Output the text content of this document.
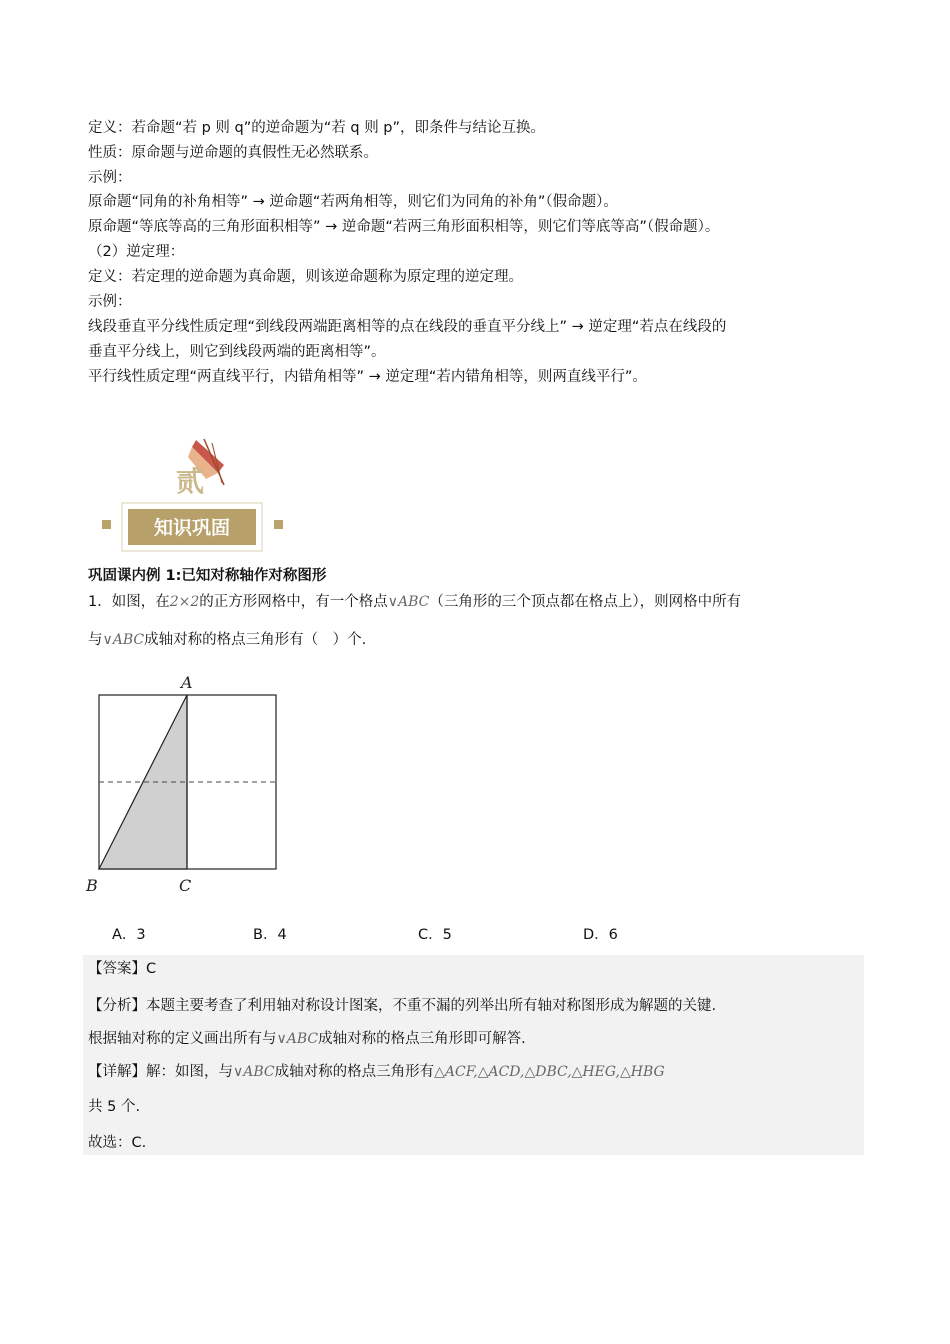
定义：若命题“若 p 则 q”的逆命题为“若 q 则 p”，即条件与结论互换。
性质：原命题与逆命题的真假性无必然联系。
示例：
原命题“同角的补角相等” → 逆命题“若两角相等，则它们为同角的补角”（假命题）。
原命题“等底等高的三角形面积相等” → 逆命题“若两三角形面积相等，则它们等底等高”（假命题）。
（2）逆定理：
定义：若定理的逆命题为真命题，则该逆命题称为原定理的逆定理。
示例：
线段垂直平分线性质定理“到线段两端距离相等的点在线段的垂直平分线上” → 逆定理“若点在线段的
垂直平分线上，则它到线段两端的距离相等”。
平行线性质定理“两直线平行，内错角相等” → 逆定理“若内错角相等，则两直线平行”。
贰
知识巩固
巩固课内例 1:已知对称轴作对称图形
1．如图，在2×2的正方形网格中，有一个格点∨ABC（三角形的三个顶点都在格点上），则网格中所有
与∨ABC成轴对称的格点三角形有（　）个.
A
B	C
A．3	B．4	C．5	D．6
【答案】C
【分析】本题主要考查了利用轴对称设计图案，不重不漏的列举出所有轴对称图形成为解题的关键.
根据轴对称的定义画出所有与∨ABC成轴对称的格点三角形即可解答.
【详解】解：如图，与∨ABC成轴对称的格点三角形有△ACF,△ACD,△DBC,△HEG,△HBG
共 5 个.
故选：C.
